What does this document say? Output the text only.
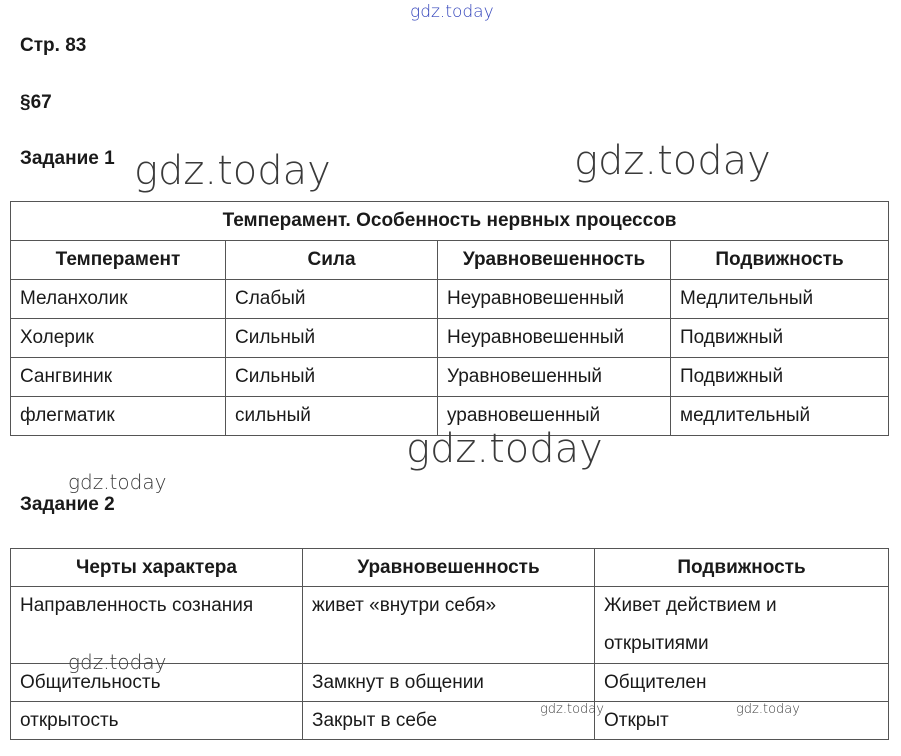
gdz.today
Стр. 83
§67
Задание 1
Темперамент. Особенность нервных процессов			
Темперамент	Сила	Уравновешенность	Подвижность
Меланхолик	Слабый	Неуравновешенный	Медлительный
Холерик	Сильный	Неуравновешенный	Подвижный
Сангвиник	Сильный	Уравновешенный	Подвижный
флегматик	сильный	уравновешенный	медлительный
Задание 2
Черты характера	Уравновешенность	Подвижность
Направленность сознания	живет «внутри себя»	Живет действием и открытиями
Общительность	Замкнут в общении	Общителен
открытость	Закрыт в себе	Открыт
gdz.today	gdz.today
gdz.today
gdz.today
gdz.today
gdz.today	gdz.today
